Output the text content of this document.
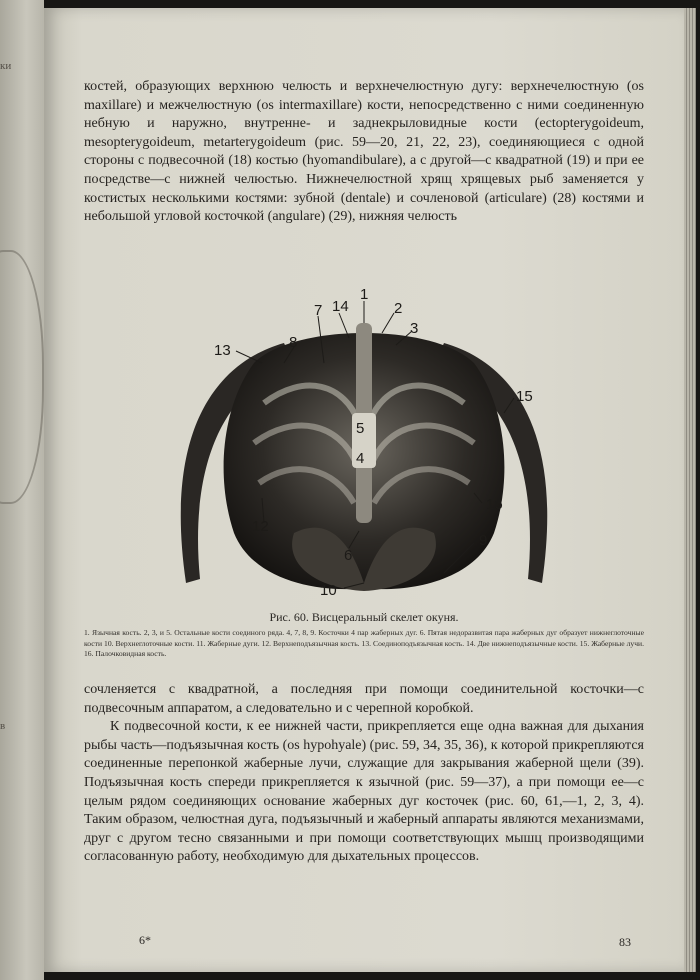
ки
в

костей, образующих верхнюю челюсть и верхнечелюстную дугу: верхнечелюстную (os maxillare) и межчелюстную (os intermaxillare) кости, непосредственно с ними соединенную небную и наружно, внутренне- и заднекрыловидные кости (ectopterygoideum, mesopterygoideum, metarterygoideum (рис. 59—20, 21, 22, 23), соединяющиеся с одной стороны с подвесочной (18) костью (hyomandibulare), а с другой—с квадратной (19) и при ее посредстве—с нижней челюстью. Нижнечелюстной хрящ хрящевых рыб заменяется у костистых несколькими костями: зубной (dentale) и сочленовой (articulare) (28) костями и небольшой угловой косточкой (angulare) (29), нижняя челюсть

1
2
3
4
5
6
7
8
9
10
12
13
14
15
16
Рис. 60. Висцеральный скелет окуня.
1. Язычная кость. 2, 3, и 5. Остальные кости соединого ряда. 4, 7, 8, 9. Косточки 4 пар жаберных дуг. 6. Пятая недоразвитая пара жаберных дуг образует нижнеглоточные кости 10. Верхнеглоточные кости. 11. Жаберные дуги. 12. Верхнеподъязычная кость. 13. Соединоподъязычная кость. 14. Две нижнеподъязычные кости. 15. Жаберные лучи. 16. Палочковидная кость.

сочленяется с квадратной, а последняя при помощи соединительной косточки—с подвесочным аппаратом, а следовательно и с черепной коробкой.

К подвесочной кости, к ее нижней части, прикрепляется еще одна важная для дыхания рыбы часть—подъязычная кость (os hypohyale) (рис. 59, 34, 35, 36), к которой прикрепляются соединенные перепонкой жаберные лучи, служащие для закрывания жаберной щели (39). Подъязычная кость спереди прикрепляется к язычной (рис. 59—37), а при помощи ее—с целым рядом соединяющих основание жаберных дуг косточек (рис. 60, 61,—1, 2, 3, 4). Таким образом, челюстная дуга, подъязычный и жаберный аппараты являются механизмами, друг с другом тесно связанными и при помощи соответствующих мышц производящими согласованную работу, необходимую для дыхательных процессов.

6*	83
